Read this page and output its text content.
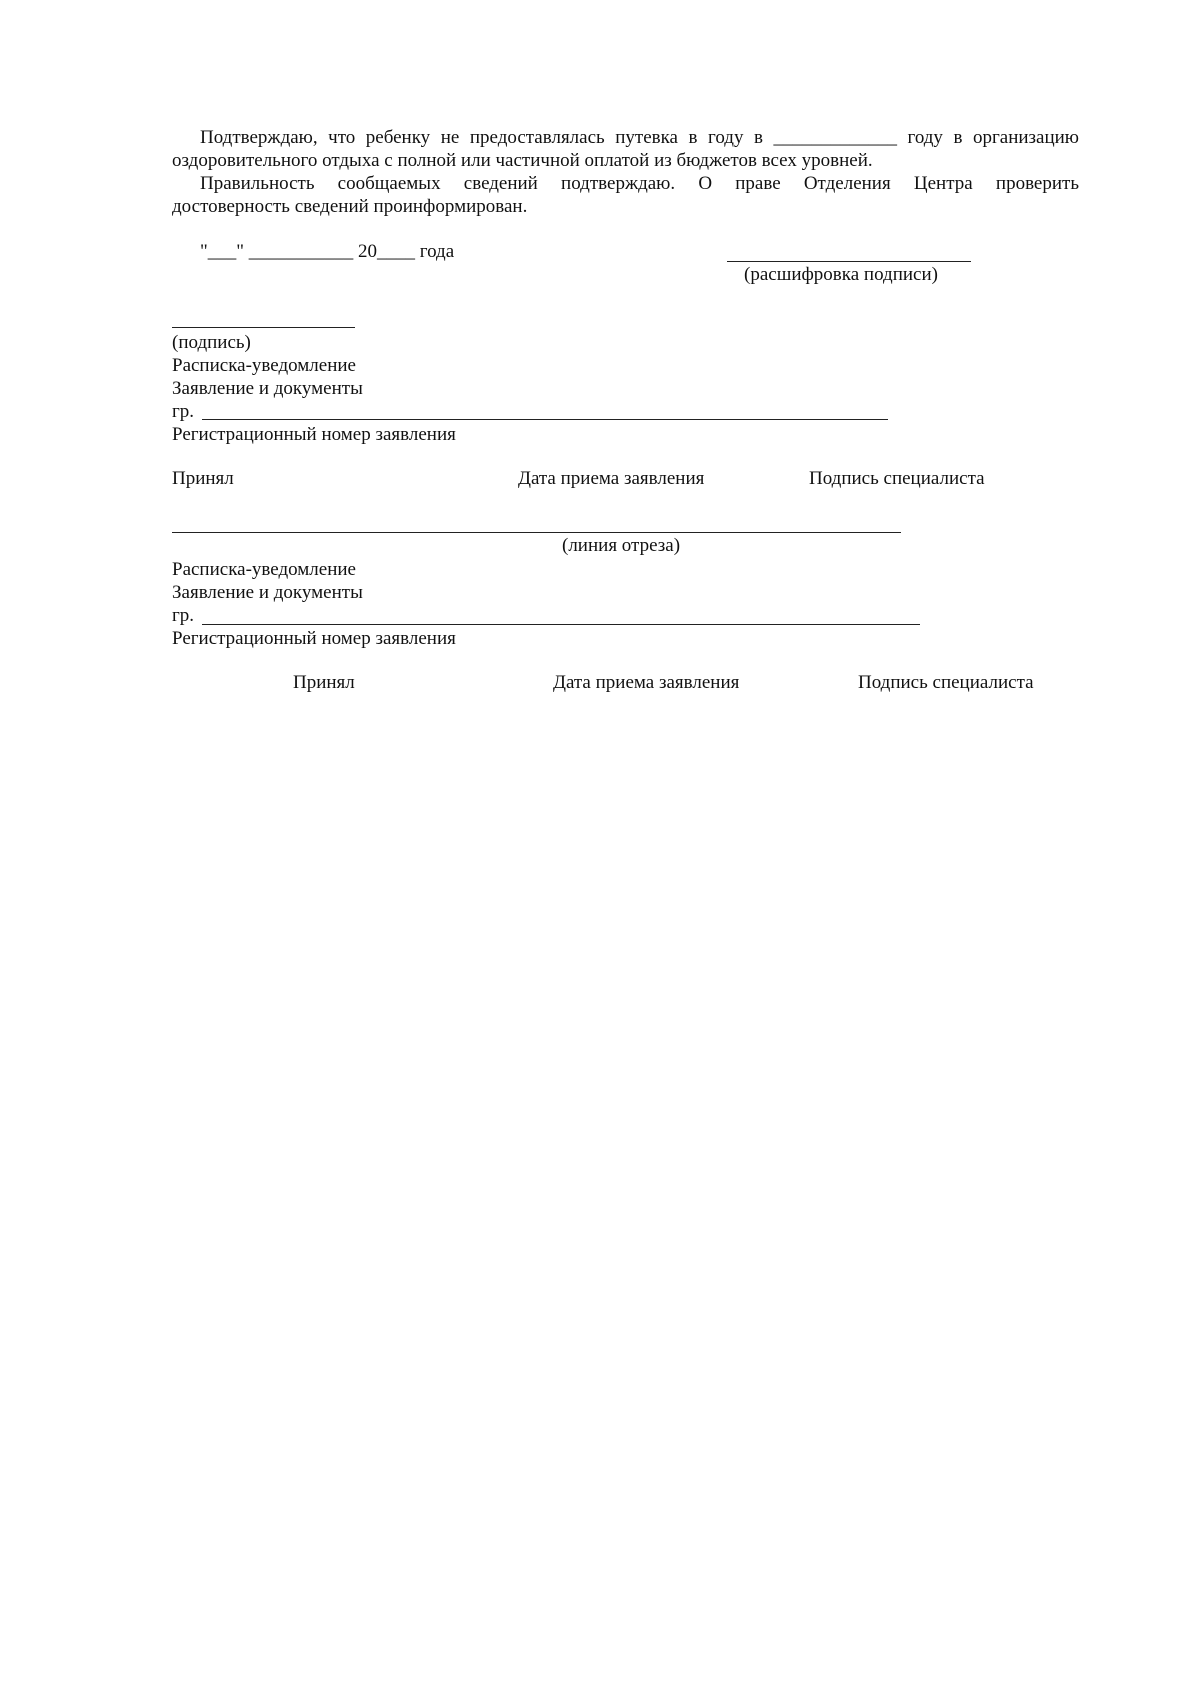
Подтверждаю, что ребенку не предоставлялась путевка в году в _____________ году в организацию
оздоровительного отдыха с полной или частичной оплатой из бюджетов всех уровней.
Правильность сообщаемых сведений подтверждаю. О праве Отделения Центра проверить
достоверность сведений проинформирован.
"___" ___________ 20____ года
(расшифровка подписи)
(подпись)
Расписка-уведомление
Заявление и документы
гр.
Регистрационный номер заявления
Принял	Дата приема заявления	Подпись специалиста
(линия отреза)
Расписка-уведомление
Заявление и документы
гр.
Регистрационный номер заявления
Принял	Дата приема заявления	Подпись специалиста
